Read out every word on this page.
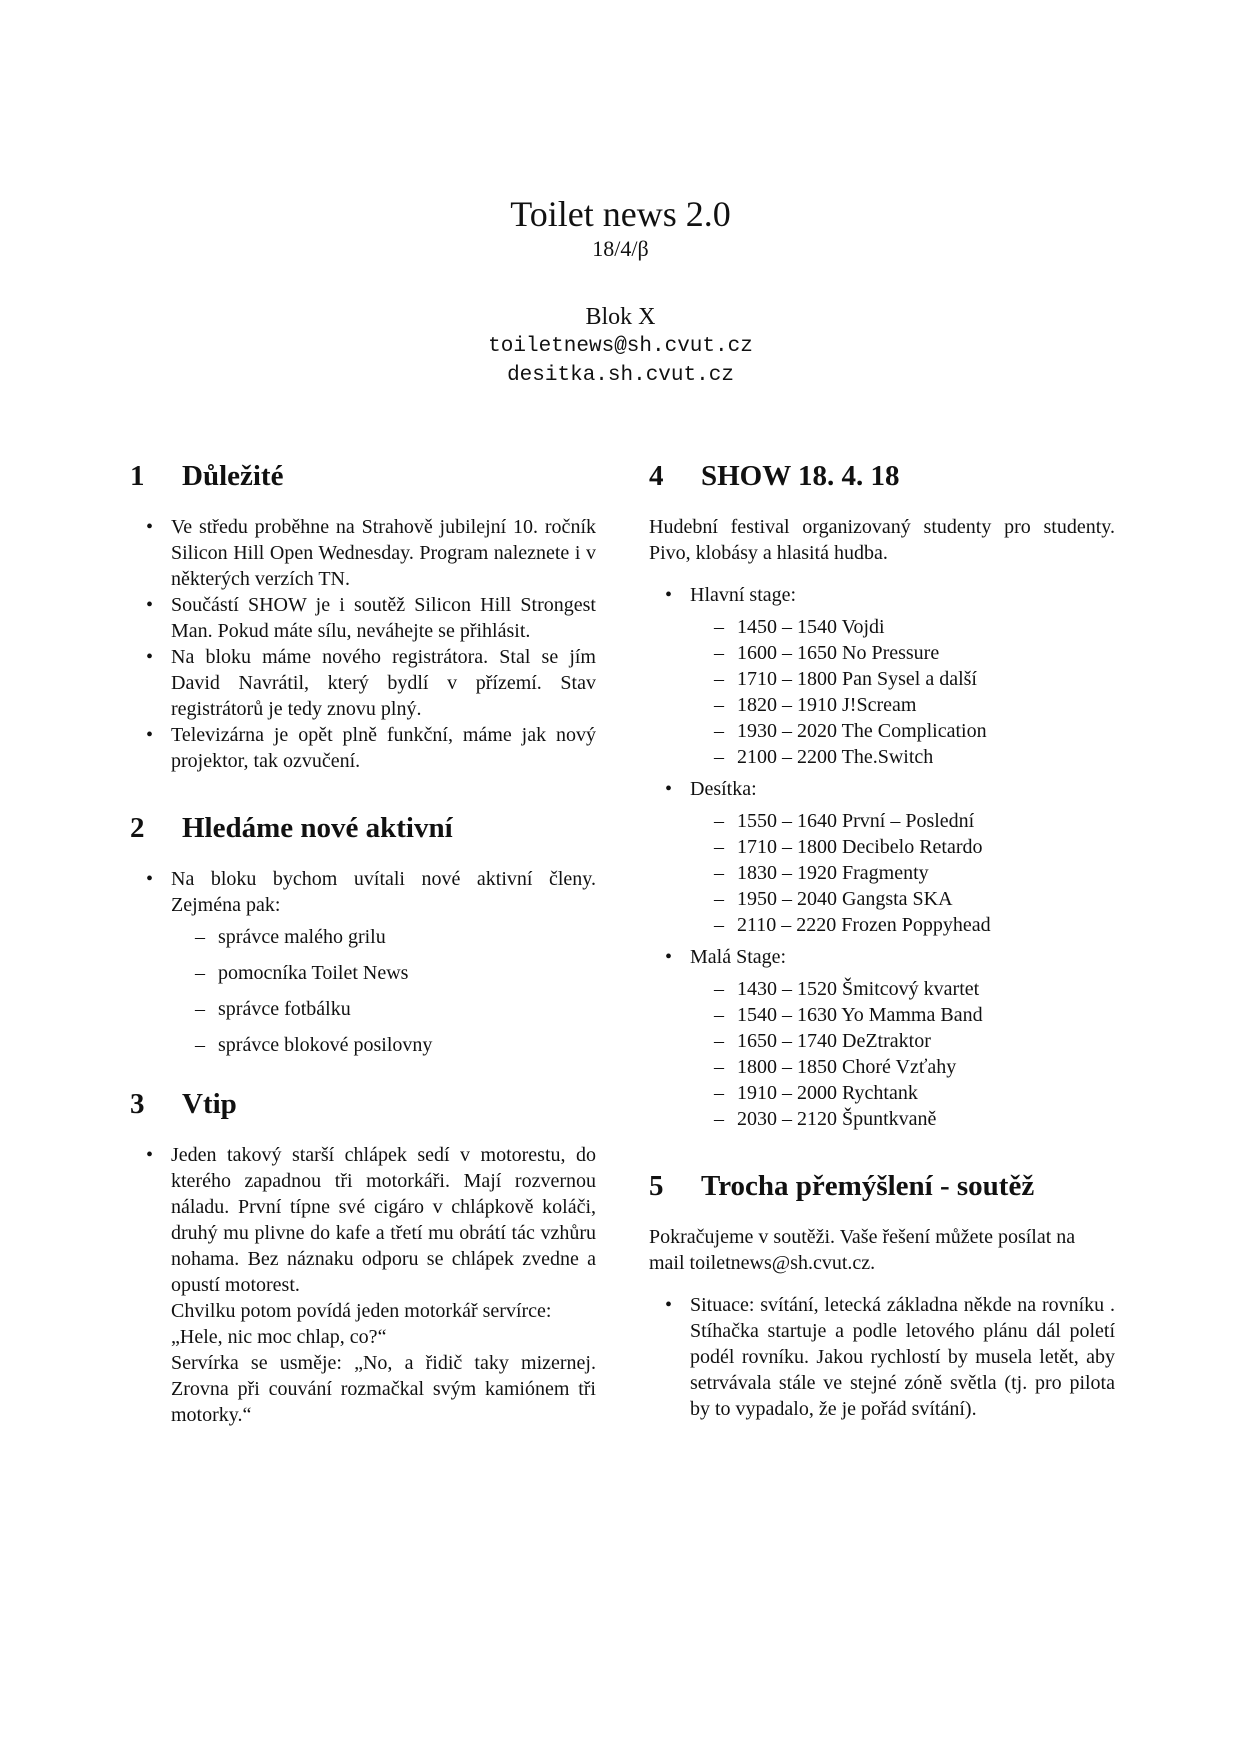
Toilet news 2.0
18/4/β
Blok X
toiletnews@sh.cvut.cz
desitka.sh.cvut.cz
1	Důležité
• Ve středu proběhne na Strahově jubilejní 10. ročník Silicon Hill Open Wednesday. Program naleznete i v některých verzích TN.
• Součástí SHOW je i soutěž Silicon Hill Strongest Man. Pokud máte sílu, neváhejte se přihlásit.
• Na bloku máme nového registrátora. Stal se jím David Navrátil, který bydlí v přízemí. Stav registrátorů je tedy znovu plný.
• Televizárna je opět plně funkční, máme jak nový projektor, tak ozvučení.
2	Hledáme nové aktivní
• Na bloku bychom uvítali nové aktivní členy. Zejména pak:
– správce malého grilu
– pomocníka Toilet News
– správce fotbálku
– správce blokové posilovny
3	Vtip

• Jeden takový starší chlápek sedí v motorestu, do kterého zapadnou tři motorkáři. Mají rozvernou náladu. První típne své cigáro v chlápkově koláči, druhý mu plivne do kafe a třetí mu obrátí tác vzhůru nohama. Bez náznaku odporu se chlápek zvedne a opustí motorest.

Chvilku potom povídá jeden motorkář servírce: „Hele, nic moc chlap, co?“

Servírka se usměje: „No, a řidič taky mizernej. Zrovna při couvání rozmačkal svým kamiónem tři motorky.“

4	SHOW 18. 4. 18

Hudební festival organizovaný studenty pro studenty. Pivo, klobásy a hlasitá hudba.

• Hlavní stage:
– 1450 – 1540 Vojdi
– 1600 – 1650 No Pressure
– 1710 – 1800 Pan Sysel a další
– 1820 – 1910 J!Scream
– 1930 – 2020 The Complication
– 2100 – 2200 The.Switch
• Desítka:
– 1550 – 1640 První – Poslední
– 1710 – 1800 Decibelo Retardo
– 1830 – 1920 Fragmenty
– 1950 – 2040 Gangsta SKA
– 2110 – 2220 Frozen Poppyhead
• Malá Stage:
– 1430 – 1520 Šmitcový kvartet
– 1540 – 1630 Yo Mamma Band
– 1650 – 1740 DeZtraktor
– 1800 – 1850 Choré Vzťahy
– 1910 – 2000 Rychtank
– 2030 – 2120 Špuntkvaně
5	Trocha přemýšlení - soutěž

Pokračujeme v soutěži. Vaše řešení můžete posílat na mail toiletnews@sh.cvut.cz.

• Situace: svítání, letecká základna někde na rovníku . Stíhačka startuje a podle letového plánu dál poletí podél rovníku. Jakou rychlostí by musela letět, aby setrvávala stále ve stejné zóně světla (tj. pro pilota by to vypadalo, že je pořád svítání).
